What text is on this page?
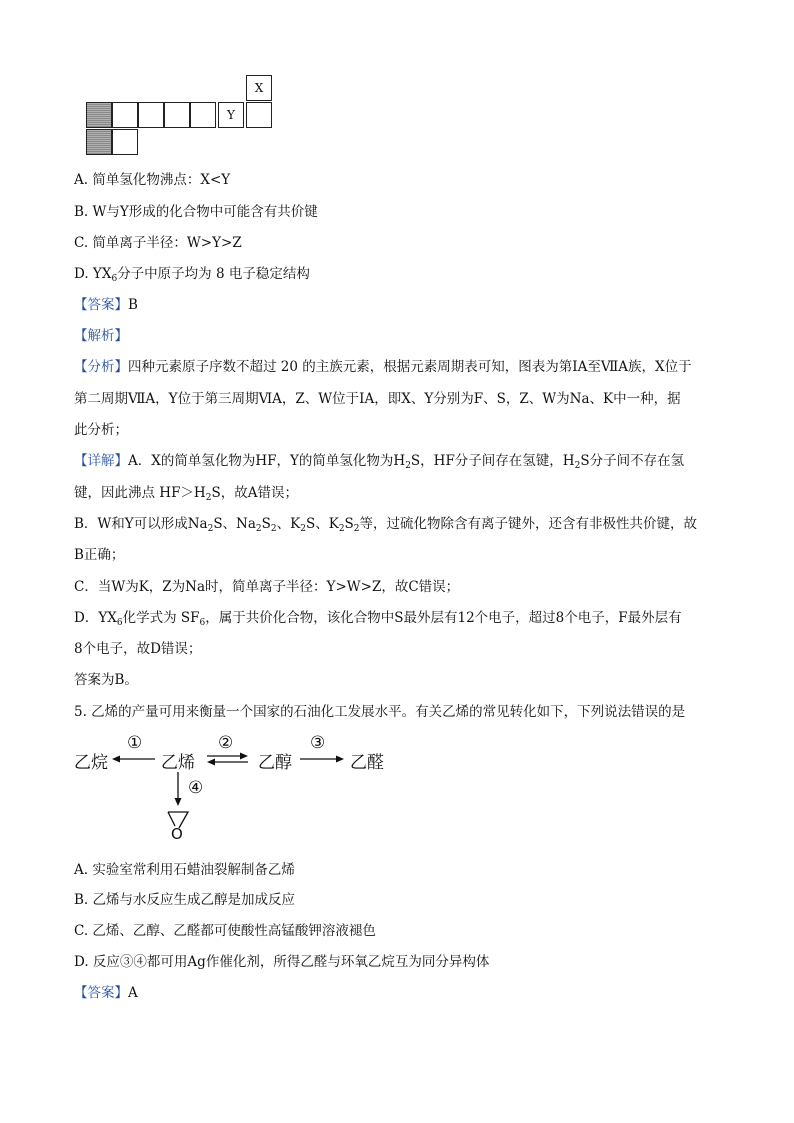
X
Y
A. 简单氢化物沸点：X<Y
B. W与Y形成的化合物中可能含有共价键
C. 简单离子半径：W>Y>Z
D. $YX_6$分子中原子均为 8 电子稳定结构
【答案】B
【解析】
【分析】四种元素原子序数不超过 20 的主族元素，根据元素周期表可知，图表为第ⅠA至ⅦA族，X位于
第二周期ⅦA，Y位于第三周期ⅥA，Z、W位于ⅠA，即X、Y分别为F、S，Z、W为Na、K中一种，据
此分析；
【详解】A．X的简单氢化物为HF，Y的简单氢化物为$H_2S$，HF分子间存在氢键，$H_2S$分子间不存在氢
键，因此沸点 $HF>H_2S$，故A错误；
B．W和Y可以形成$Na_2S$、$Na_2S_2$、$K_2S$、$K_2S_2$等，过硫化物除含有离子键外，还含有非极性共价键，故
B正确；
C．当W为K，Z为Na时，简单离子半径：Y>W>Z，故C错误；
D．$YX_6$化学式为 $SF_6$，属于共价化合物，该化合物中S最外层有12个电子，超过8个电子，F最外层有
8个电子，故D错误；
答案为B。
5. 乙烯的产量可用来衡量一个国家的石油化工发展水平。有关乙烯的常见转化如下，下列说法错误的是
乙烷
①
乙烯
②
乙醇
③
乙醛
④
O
A. 实验室常利用石蜡油裂解制备乙烯
B. 乙烯与水反应生成乙醇是加成反应
C. 乙烯、乙醇、乙醛都可使酸性高锰酸钾溶液褪色
D. 反应③④都可用Ag作催化剂，所得乙醛与环氧乙烷互为同分异构体
【答案】A
